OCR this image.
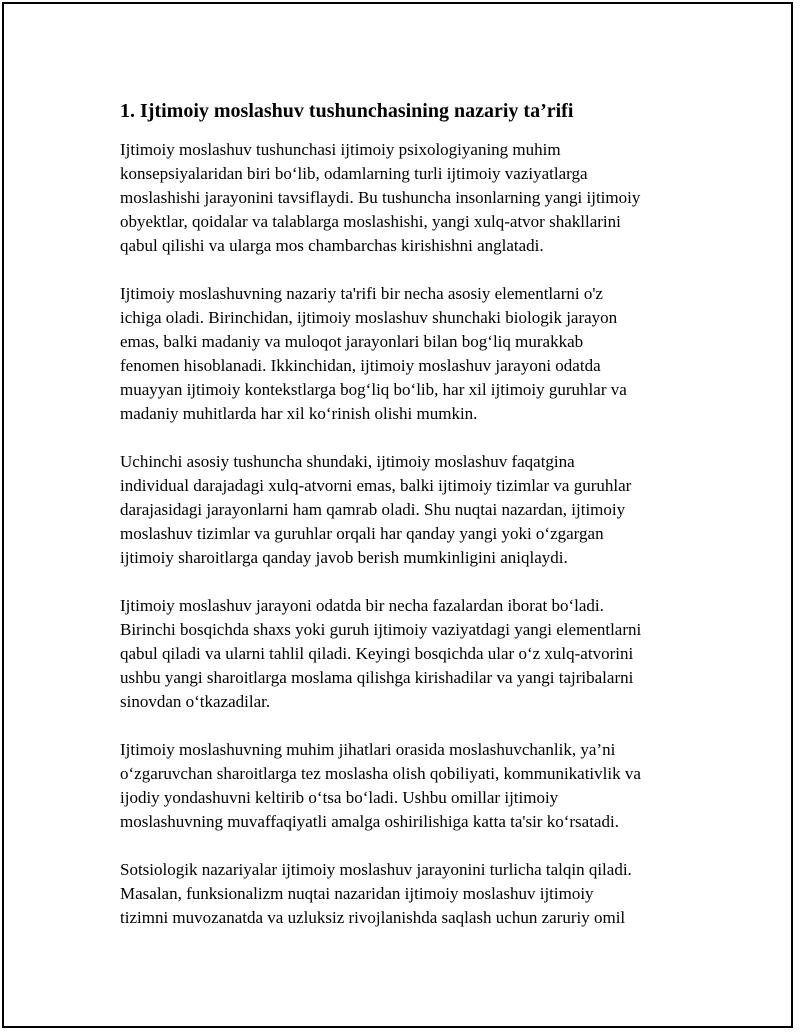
1. Ijtimoiy moslashuv tushunchasining nazariy ta’rifi

Ijtimoiy moslashuv tushunchasi ijtimoiy psixologiyaning muhim
konsepsiyalaridan biri bo‘lib, odamlarning turli ijtimoiy vaziyatlarga
moslashishi jarayonini tavsiflaydi. Bu tushuncha insonlarning yangi ijtimoiy
obyektlar, qoidalar va talablarga moslashishi, yangi xulq-atvor shakllarini
qabul qilishi va ularga mos chambarchas kirishishni anglatadi.

Ijtimoiy moslashuvning nazariy ta'rifi bir necha asosiy elementlarni o'z
ichiga oladi. Birinchidan, ijtimoiy moslashuv shunchaki biologik jarayon
emas, balki madaniy va muloqot jarayonlari bilan bog‘liq murakkab
fenomen hisoblanadi. Ikkinchidan, ijtimoiy moslashuv jarayoni odatda
muayyan ijtimoiy kontekstlarga bog‘liq bo‘lib, har xil ijtimoiy guruhlar va
madaniy muhitlarda har xil ko‘rinish olishi mumkin.

Uchinchi asosiy tushuncha shundaki, ijtimoiy moslashuv faqatgina
individual darajadagi xulq-atvorni emas, balki ijtimoiy tizimlar va guruhlar
darajasidagi jarayonlarni ham qamrab oladi. Shu nuqtai nazardan, ijtimoiy
moslashuv tizimlar va guruhlar orqali har qanday yangi yoki o‘zgargan
ijtimoiy sharoitlarga qanday javob berish mumkinligini aniqlaydi.

Ijtimoiy moslashuv jarayoni odatda bir necha fazalardan iborat bo‘ladi.
Birinchi bosqichda shaxs yoki guruh ijtimoiy vaziyatdagi yangi elementlarni
qabul qiladi va ularni tahlil qiladi. Keyingi bosqichda ular o‘z xulq-atvorini
ushbu yangi sharoitlarga moslama qilishga kirishadilar va yangi tajribalarni
sinovdan o‘tkazadilar.

Ijtimoiy moslashuvning muhim jihatlari orasida moslashuvchanlik, ya’ni
o‘zgaruvchan sharoitlarga tez moslasha olish qobiliyati, kommunikativlik va
ijodiy yondashuvni keltirib o‘tsa bo‘ladi. Ushbu omillar ijtimoiy
moslashuvning muvaffaqiyatli amalga oshirilishiga katta ta'sir ko‘rsatadi.

Sotsiologik nazariyalar ijtimoiy moslashuv jarayonini turlicha talqin qiladi.
Masalan, funksionalizm nuqtai nazaridan ijtimoiy moslashuv ijtimoiy
tizimni muvozanatda va uzluksiz rivojlanishda saqlash uchun zaruriy omil
